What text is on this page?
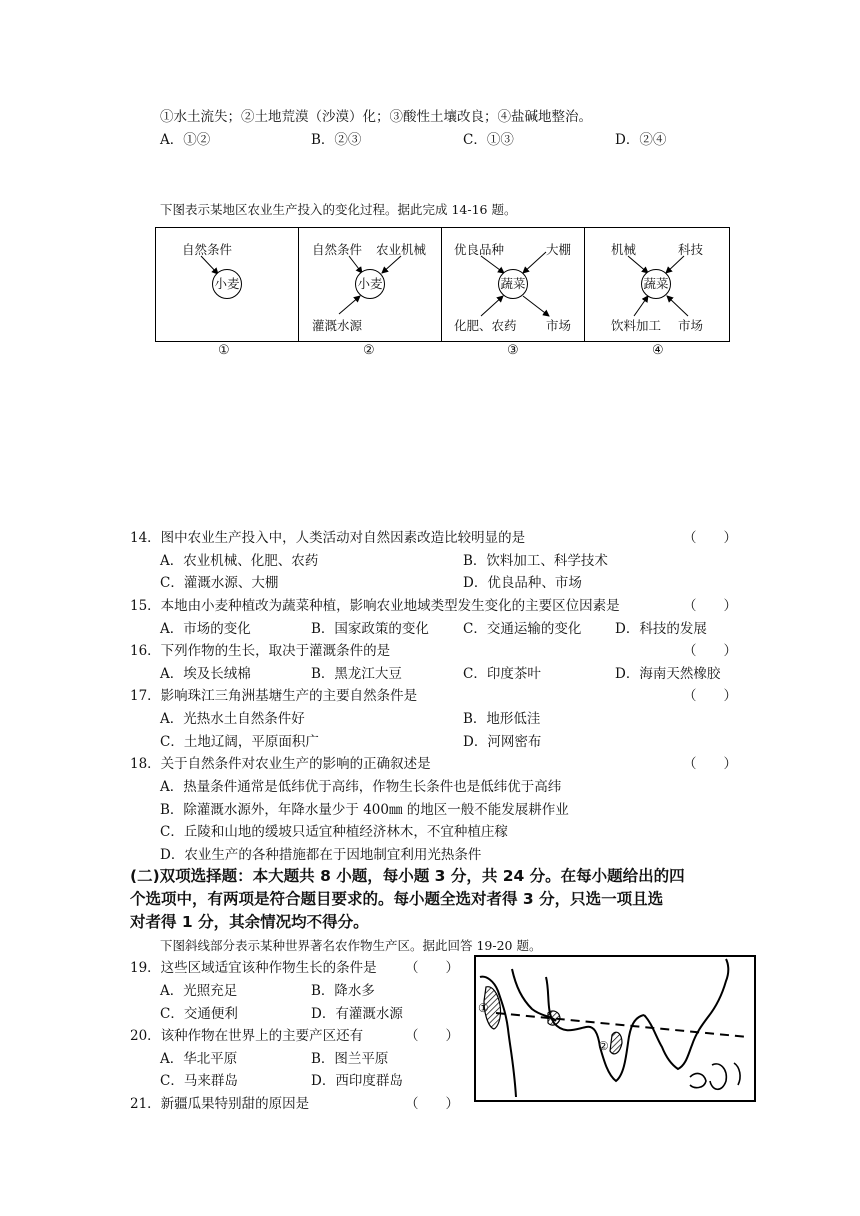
①水土流失；②土地荒漠（沙漠）化；③酸性土壤改良；④盐碱地整治。
A．①②	B．②③	C．①③	D．②④
下图表示某地区农业生产投入的变化过程。据此完成 14-16 题。
自然条件
小麦
自然条件 农业机械
小麦
灌溉水源
优良品种	大棚
蔬菜
化肥、农药 市场
机械	科技
蔬菜
饮料加工 市场
①	②	③	④
14．图中农业生产投入中，人类活动对自然因素改造比较明显的是	（　　）
A．农业机械、化肥、农药	B．饮料加工、科学技术
C．灌溉水源、大棚	D．优良品种、市场
15．本地由小麦种植改为蔬菜种植，影响农业地域类型发生变化的主要区位因素是	（　　）
A．市场的变化	B．国家政策的变化	C．交通运输的变化 D．科技的发展
16．下列作物的生长，取决于灌溉条件的是	（　　）
A．埃及长绒棉	B．黑龙江大豆	C．印度茶叶	D．海南天然橡胶
17．影响珠江三角洲基塘生产的主要自然条件是	（　　）
A．光热水土自然条件好	B．地形低洼
C．土地辽阔，平原面积广	D．河网密布
18．关于自然条件对农业生产的影响的正确叙述是	（　　）
A．热量条件通常是低纬优于高纬，作物生长条件也是低纬优于高纬
B．除灌溉水源外，年降水量少于 400㎜ 的地区一般不能发展耕作业
C．丘陵和山地的缓坡只适宜种植经济林木，不宜种植庄稼
D．农业生产的各种措施都在于因地制宜利用光热条件
(二)双项选择题：本大题共 8 小题，每小题 3 分，共 24 分。在每小题给出的四
个选项中，有两项是符合题目要求的。每小题全选对者得 3 分，只选一项且选
对者得 1 分，其余情况均不得分。
下图斜线部分表示某种世界著名农作物生产区。据此回答 19-20 题。
19．这些区域适宜该种作物生长的条件是 （　　）
A．光照充足	B．降水多
C．交通便利	D．有灌溉水源
20．该种作物在世界上的主要产区还有	（　　）
A．华北平原	B．图兰平原
C．马来群岛	D．西印度群岛
21．新疆瓜果特别甜的原因是	（　　）
①
②
